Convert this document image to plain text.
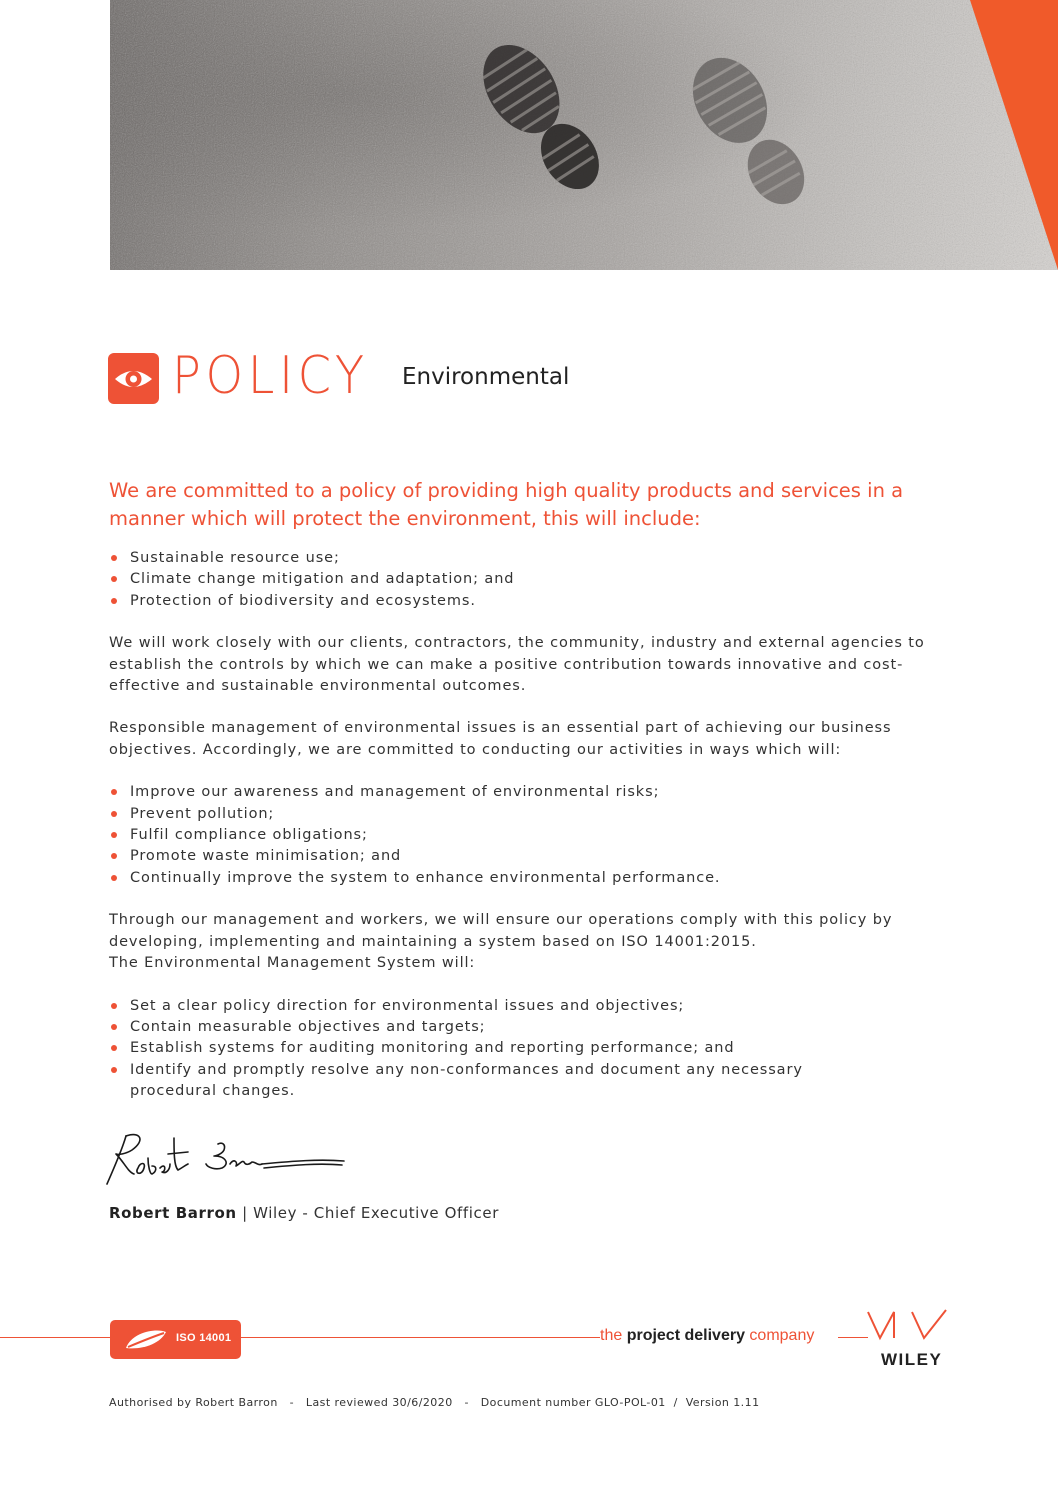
POLICY Environmental

We are committed to a policy of providing high quality products and services in a manner which will protect the environment, this will include:

Sustainable resource use;
Climate change mitigation and adaptation; and
Protection of biodiversity and ecosystems.

We will work closely with our clients, contractors, the community, industry and external agencies to establish the controls by which we can make a positive contribution towards innovative and cost-effective and sustainable environmental outcomes.

Responsible management of environmental issues is an essential part of achieving our business objectives. Accordingly, we are committed to conducting our activities in ways which will:

Improve our awareness and management of environmental risks;
Prevent pollution;
Fulfil compliance obligations;
Promote waste minimisation; and
Continually improve the system to enhance environmental performance.

Through our management and workers, we will ensure our operations comply with this policy by developing, implementing and maintaining a system based on ISO 14001:2015.

The Environmental Management System will:

Set a clear policy direction for environmental issues and objectives;
Contain measurable objectives and targets;
Establish systems for auditing monitoring and reporting performance; and
Identify and promptly resolve any non-conformances and document any necessary procedural changes.
Robert Barron | Wiley - Chief Executive Officer
ISO 14001	the project delivery company
WILEY
Authorised by Robert Barron   -   Last reviewed 30/6/2020   -   Document number GLO-POL-01  /  Version 1.11
